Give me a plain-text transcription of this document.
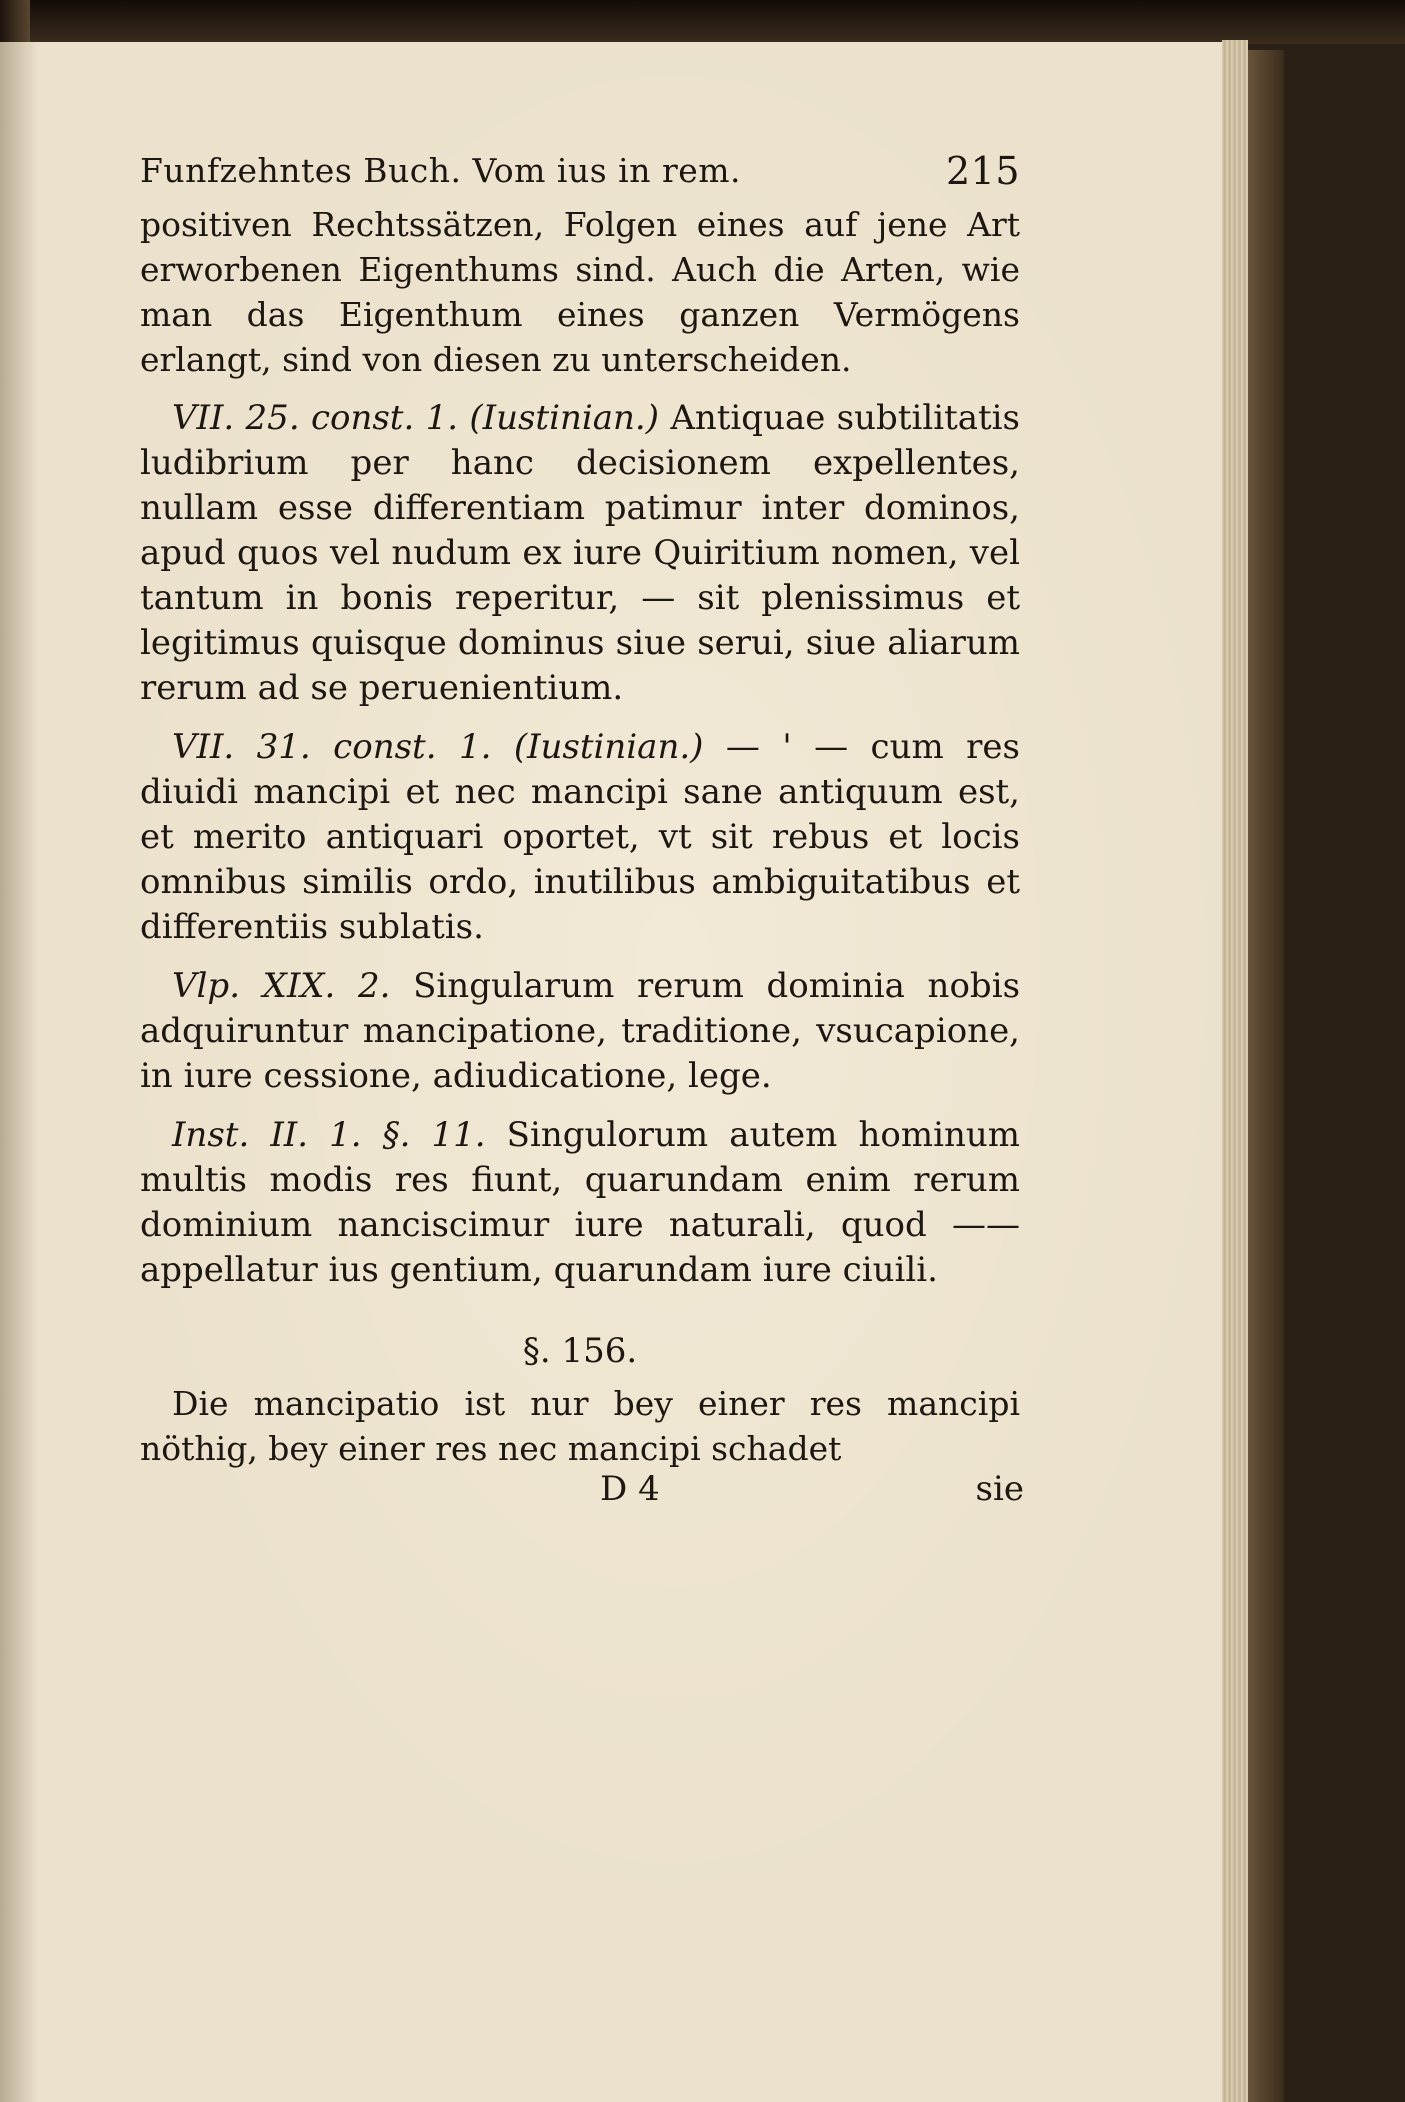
Funfzehntes Buch. Vom ius in rem.	215

positiven Rechtssätzen, Folgen eines auf jene Art erworbenen Eigenthums sind. Auch die Arten, wie man das Eigenthum eines ganzen Vermögens erlangt, sind von diesen zu unterscheiden.

VII. 25. const. 1. (Iustinian.) Antiquae subtilitatis ludibrium per hanc decisionem expellentes, nullam esse differentiam patimur inter dominos, apud quos vel nudum ex iure Quiritium nomen, vel tantum in bonis reperitur, — sit plenissimus et legitimus quisque dominus siue serui, siue aliarum rerum ad se peruenientium.

VII. 31. const. 1. (Iustinian.) — ' — cum res diuidi mancipi et nec mancipi sane antiquum est, et merito antiquari oportet, vt sit rebus et locis omnibus similis ordo, inutilibus ambiguitatibus et differentiis sublatis.

Vlp. XIX. 2. Singularum rerum dominia nobis adquiruntur mancipatione, traditione, vsucapione, in iure cessione, adiudicatione, lege.

Inst. II. 1. §. 11. Singulorum autem hominum multis modis res fiunt, quarundam enim rerum dominium nanciscimur iure naturali, quod —— appellatur ius gentium, quarundam iure ciuili.

§. 156.

Die mancipatio ist nur bey einer res mancipi nöthig, bey einer res nec mancipi schadet

D 4	sie
